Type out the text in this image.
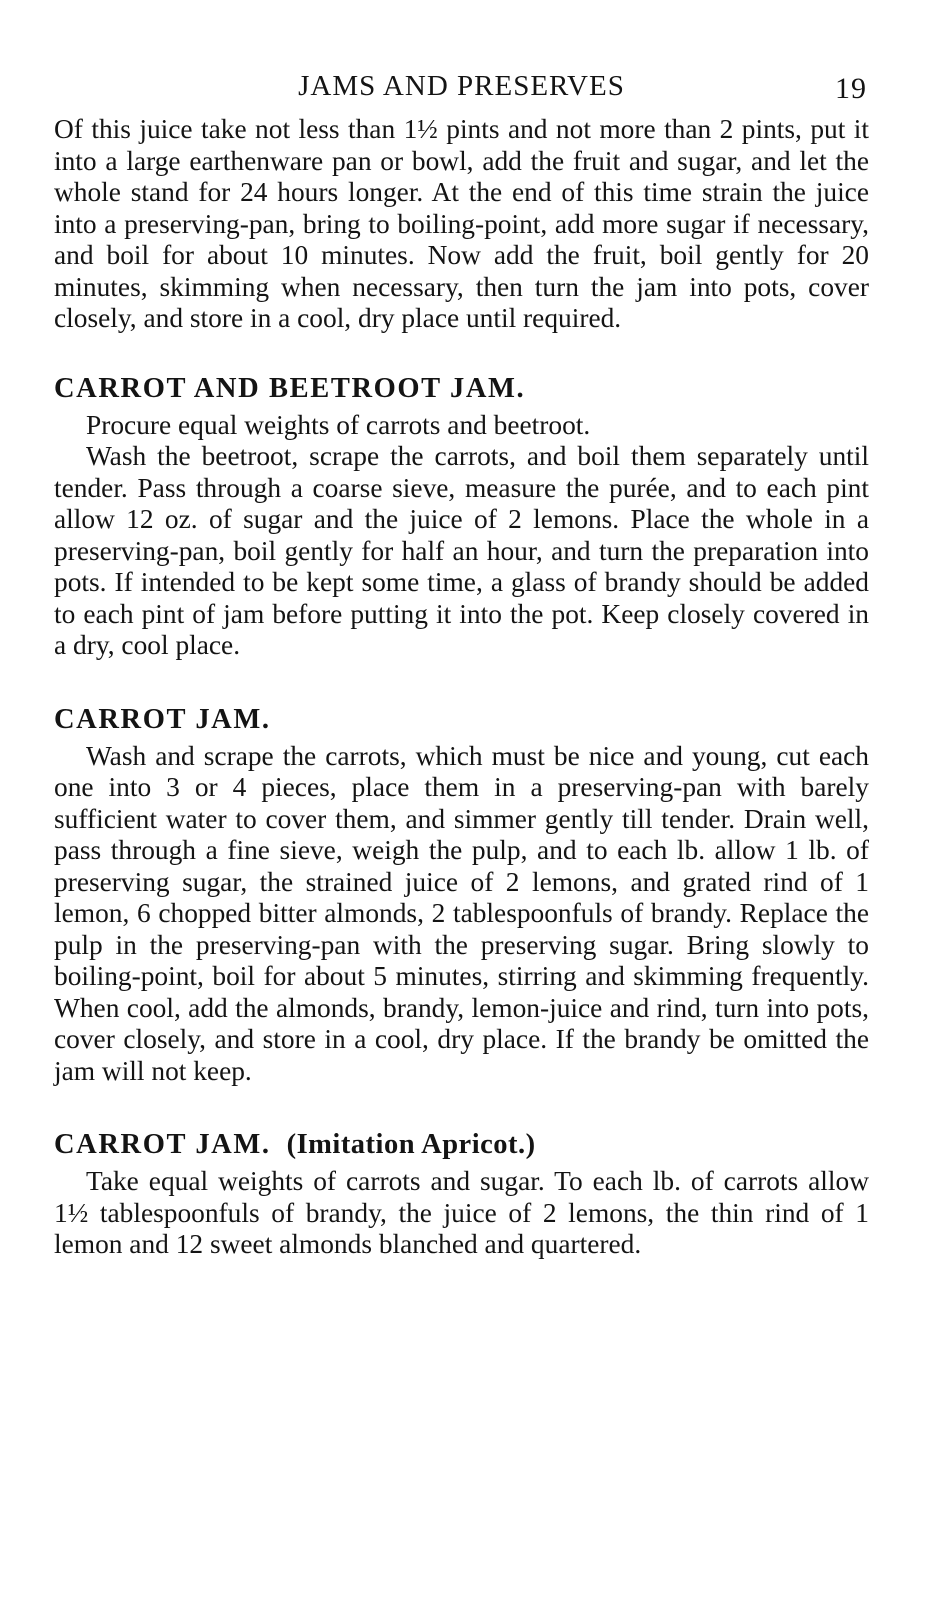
JAMS AND PRESERVES	19

Of this juice take not less than 1½ pints and not more than 2 pints, put it into a large earthenware pan or bowl, add the fruit and sugar, and let the whole stand for 24 hours longer. At the end of this time strain the juice into a preserving-pan, bring to boiling-point, add more sugar if necessary, and boil for about 10 minutes. Now add the fruit, boil gently for 20 minutes, skimming when necessary, then turn the jam into pots, cover closely, and store in a cool, dry place until required.

CARROT AND BEETROOT JAM.

Procure equal weights of carrots and beetroot.

Wash the beetroot, scrape the carrots, and boil them separately until tender. Pass through a coarse sieve, measure the purée, and to each pint allow 12 oz. of sugar and the juice of 2 lemons. Place the whole in a preserving-pan, boil gently for half an hour, and turn the preparation into pots. If intended to be kept some time, a glass of brandy should be added to each pint of jam before putting it into the pot. Keep closely covered in a dry, cool place.

CARROT JAM.

Wash and scrape the carrots, which must be nice and young, cut each one into 3 or 4 pieces, place them in a preserving-pan with barely sufficient water to cover them, and simmer gently till tender. Drain well, pass through a fine sieve, weigh the pulp, and to each lb. allow 1 lb. of preserving sugar, the strained juice of 2 lemons, and grated rind of 1 lemon, 6 chopped bitter almonds, 2 tablespoonfuls of brandy. Replace the pulp in the preserving-pan with the preserving sugar. Bring slowly to boiling-point, boil for about 5 minutes, stirring and skimming frequently. When cool, add the almonds, brandy, lemon-juice and rind, turn into pots, cover closely, and store in a cool, dry place. If the brandy be omitted the jam will not keep.

CARROT JAM. (Imitation Apricot.)

Take equal weights of carrots and sugar. To each lb. of carrots allow 1½ tablespoonfuls of brandy, the juice of 2 lemons, the thin rind of 1 lemon and 12 sweet almonds blanched and quartered.
